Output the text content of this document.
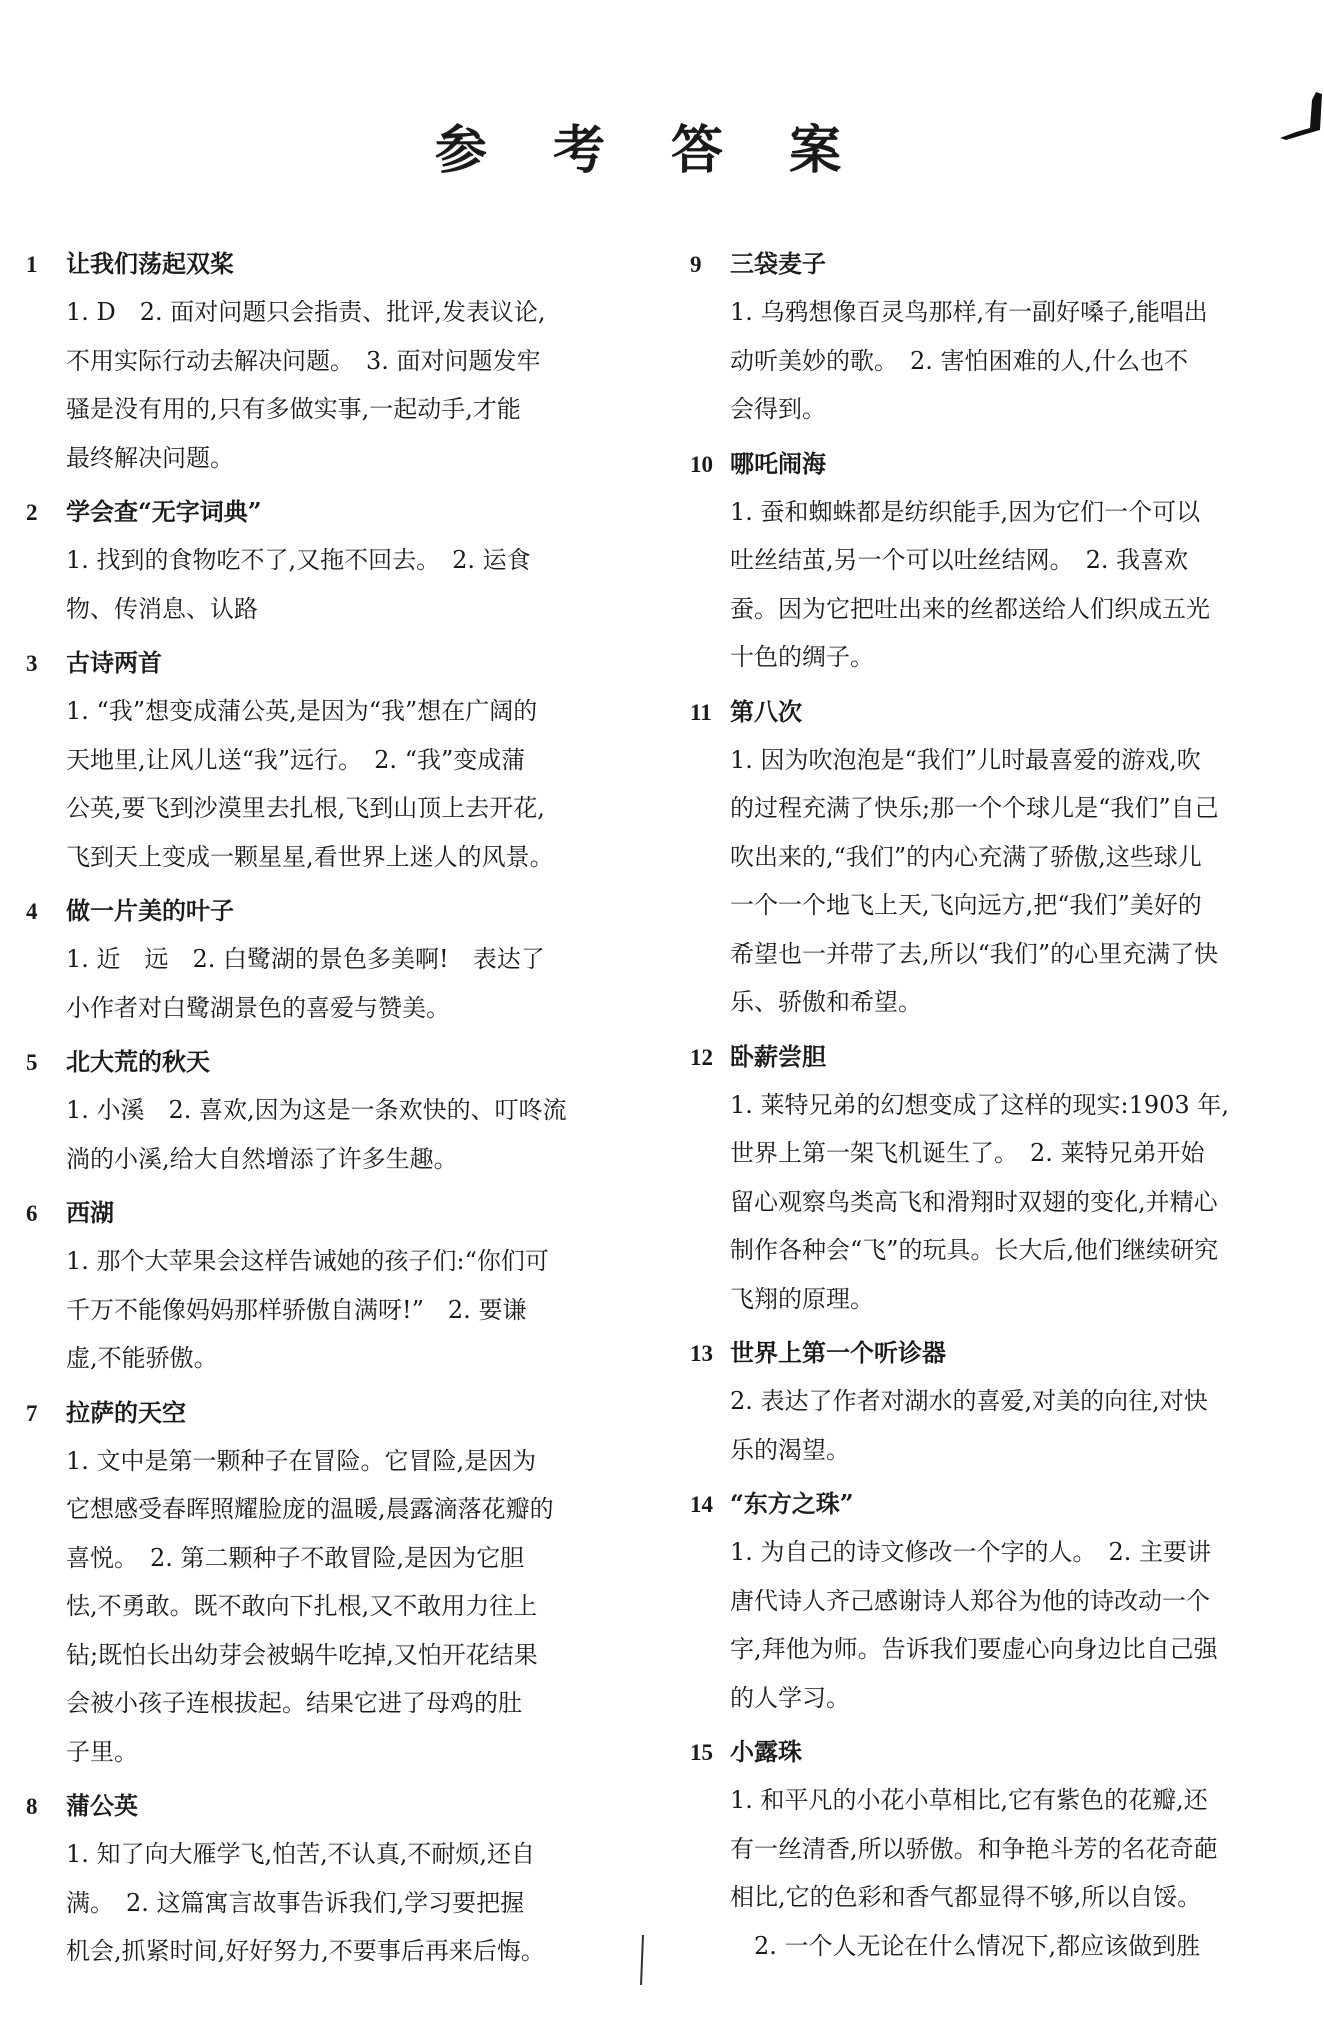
参 考 答 案
1	让我们荡起双桨
1. D　2. 面对问题只会指责、批评,发表议论,
不用实际行动去解决问题。　3. 面对问题发牢
骚是没有用的,只有多做实事,一起动手,才能
最终解决问题。
2	学会查“无字词典”
1. 找到的食物吃不了,又拖不回去。　2. 运食
物、传消息、认路
3	古诗两首
1. “我”想变成蒲公英,是因为“我”想在广阔的
天地里,让风儿送“我”远行。　2. “我”变成蒲
公英,要飞到沙漠里去扎根,飞到山顶上去开花,
飞到天上变成一颗星星,看世界上迷人的风景。
4	做一片美的叶子
1. 近　远　2. 白鹭湖的景色多美啊!　表达了
小作者对白鹭湖景色的喜爱与赞美。
5	北大荒的秋天
1. 小溪　2. 喜欢,因为这是一条欢快的、叮咚流
淌的小溪,给大自然增添了许多生趣。
6	西湖
1. 那个大苹果会这样告诫她的孩子们:“你们可
千万不能像妈妈那样骄傲自满呀!”　2. 要谦
虚,不能骄傲。
7	拉萨的天空
1. 文中是第一颗种子在冒险。它冒险,是因为
它想感受春晖照耀脸庞的温暖,晨露滴落花瓣的
喜悦。　2. 第二颗种子不敢冒险,是因为它胆
怯,不勇敢。既不敢向下扎根,又不敢用力往上
钻;既怕长出幼芽会被蜗牛吃掉,又怕开花结果
会被小孩子连根拔起。结果它进了母鸡的肚
子里。
8	蒲公英
1. 知了向大雁学飞,怕苦,不认真,不耐烦,还自
满。　2. 这篇寓言故事告诉我们,学习要把握
机会,抓紧时间,好好努力,不要事后再来后悔。
9	三袋麦子
1. 乌鸦想像百灵鸟那样,有一副好嗓子,能唱出
动听美妙的歌。　2. 害怕困难的人,什么也不
会得到。
10 哪吒闹海
1. 蚕和蜘蛛都是纺织能手,因为它们一个可以
吐丝结茧,另一个可以吐丝结网。　2. 我喜欢
蚕。因为它把吐出来的丝都送给人们织成五光
十色的绸子。
11 第八次
1. 因为吹泡泡是“我们”儿时最喜爱的游戏,吹
的过程充满了快乐;那一个个球儿是“我们”自己
吹出来的,“我们”的内心充满了骄傲,这些球儿
一个一个地飞上天,飞向远方,把“我们”美好的
希望也一并带了去,所以“我们”的心里充满了快
乐、骄傲和希望。
12 卧薪尝胆
1. 莱特兄弟的幻想变成了这样的现实:1903 年,
世界上第一架飞机诞生了。　2. 莱特兄弟开始
留心观察鸟类高飞和滑翔时双翅的变化,并精心
制作各种会“飞”的玩具。长大后,他们继续研究
飞翔的原理。
13 世界上第一个听诊器
2. 表达了作者对湖水的喜爱,对美的向往,对快
乐的渴望。
14 “东方之珠”
1. 为自己的诗文修改一个字的人。　2. 主要讲
唐代诗人齐己感谢诗人郑谷为他的诗改动一个
字,拜他为师。告诉我们要虚心向身边比自己强
的人学习。
15 小露珠
1. 和平凡的小花小草相比,它有紫色的花瓣,还
有一丝清香,所以骄傲。和争艳斗芳的名花奇葩
相比,它的色彩和香气都显得不够,所以自馁。
　2. 一个人无论在什么情况下,都应该做到胜
